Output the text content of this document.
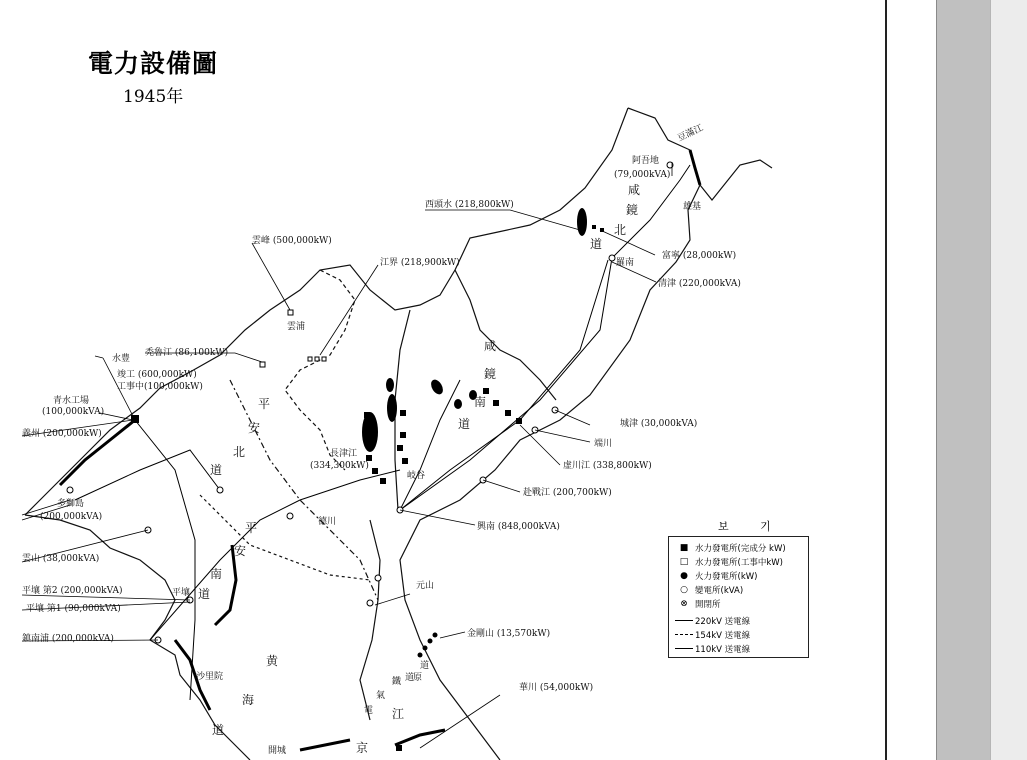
電力設備圖
1945年
咸
鏡
北
道
咸
鏡
南
道
平
安
北
道
平
安
南
道
黄
海
道
京
江
原
道
電
氣
鐵 道
豆滿江
阿吾地
(79,000kVA)
雄基
西頭水 (218,800kW)
富寧 (28,000kW)
羅南
清津 (220,000kVA)
雲峰 (500,000kW)
江界 (218,900kW)
雲浦
水豊
禿魯江 (86,100kW)
竣工 (600,000kW)
工事中(100,000kW)
青水工場
(100,000kVA)
義州 (200,000kW)
多獅島
(200,000kVA)
雲山 (38,000kVA)
平壤 第2 (200,000kVA)
平壤 第1 (90,000kVA)
鎮南浦 (200,000kVA)
平壤
長津江
(334,300kW)
岐谷
城津 (30,000kVA)
端川
虚川江 (338,800kW)
赴戰江 (200,700kW)
興南 (848,000kVA)
德川
元山
金剛山 (13,570kW)
華川 (54,000kW)
沙里院
開城
보 기
■ 水力發電所(完成分 kW)
□ 水力發電所(工事中kW)
● 火力發電所(kW)
○ 變電所(kVA)
⊗ 開閉所
220kV 送電線
154kV 送電線
110kV 送電線
